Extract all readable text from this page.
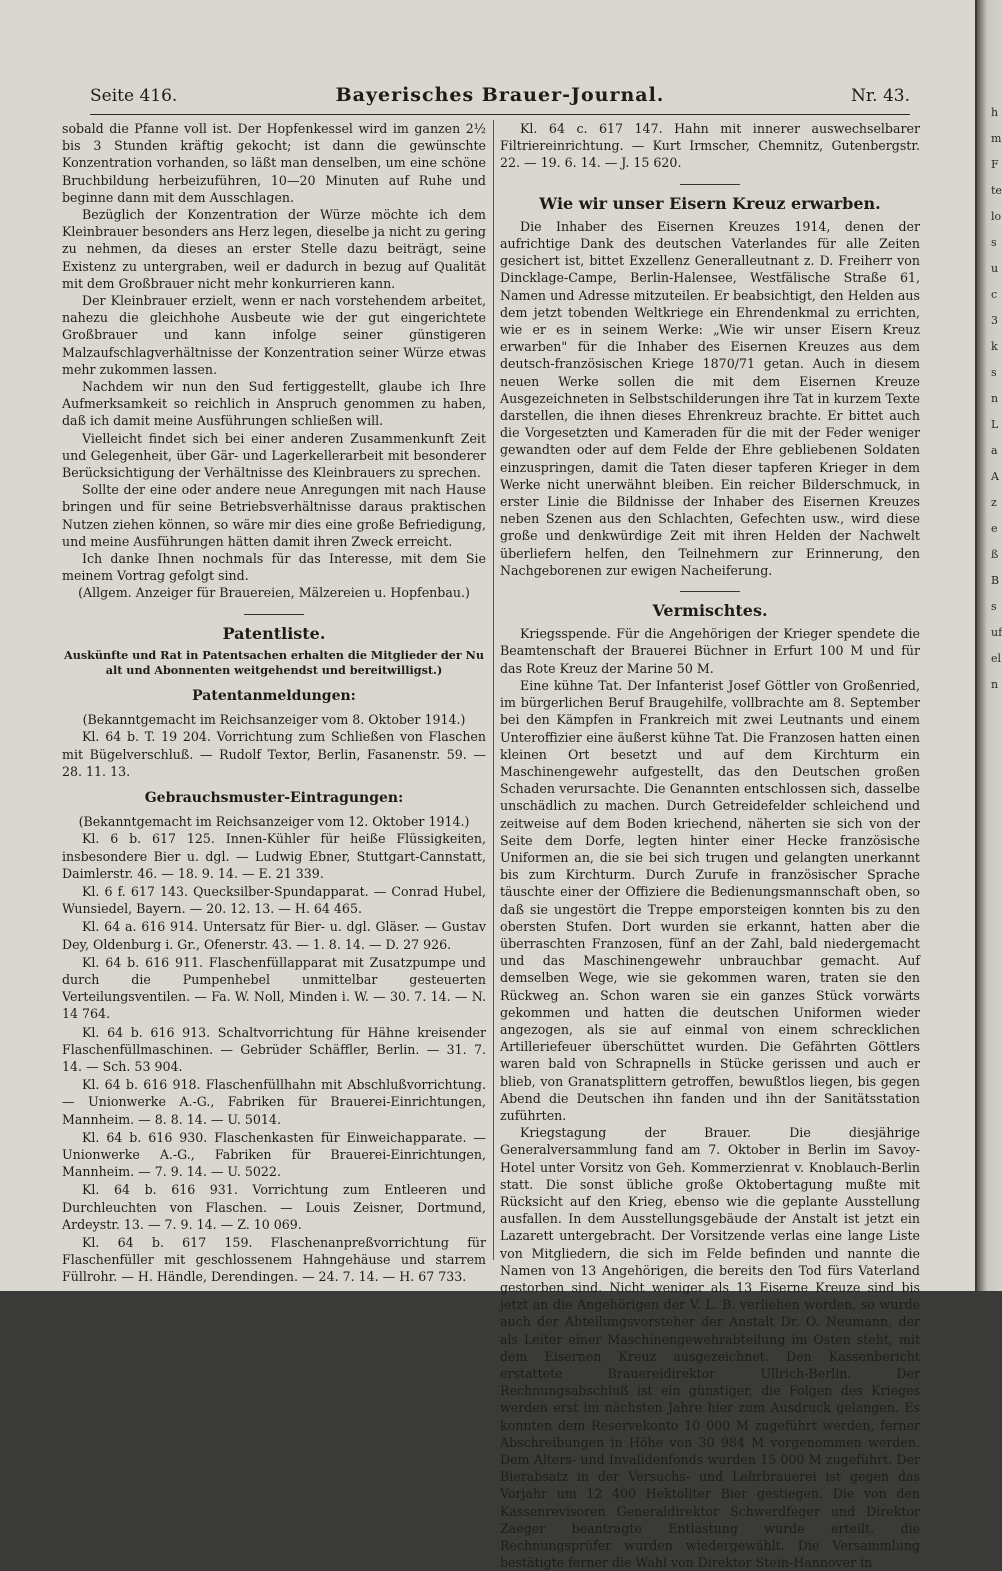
Seite 416.	Bayerisches Brauer-Journal.	Nr. 43.

sobald die Pfanne voll ist. Der Hopfenkessel wird im ganzen 2½ bis 3 Stunden kräftig gekocht; ist dann die gewünschte Konzentration vorhanden, so läßt man denselben, um eine schöne Bruchbildung herbeizuführen, 10—20 Minuten auf Ruhe und beginne dann mit dem Ausschlagen.

Bezüglich der Konzentration der Würze möchte ich dem Kleinbrauer besonders ans Herz legen, dieselbe ja nicht zu gering zu nehmen, da dieses an erster Stelle dazu beiträgt, seine Existenz zu untergraben, weil er dadurch in bezug auf Qualität mit dem Großbrauer nicht mehr konkurrieren kann.

Der Kleinbrauer erzielt, wenn er nach vorstehendem arbeitet, nahezu die gleichhohe Ausbeute wie der gut eingerichtete Großbrauer und kann infolge seiner günstigeren Malzaufschlagverhältnisse der Konzentration seiner Würze etwas mehr zukommen lassen.

Nachdem wir nun den Sud fertiggestellt, glaube ich Ihre Aufmerksamkeit so reichlich in Anspruch genommen zu haben, daß ich damit meine Ausführungen schließen will.

Vielleicht findet sich bei einer anderen Zusammenkunft Zeit und Gelegenheit, über Gär- und Lagerkellerarbeit mit besonderer Berücksichtigung der Verhältnisse des Kleinbrauers zu sprechen.

Sollte der eine oder andere neue Anregungen mit nach Hause bringen und für seine Betriebsverhältnisse daraus praktischen Nutzen ziehen können, so wäre mir dies eine große Befriedigung, und meine Ausführungen hätten damit ihren Zweck erreicht.

Ich danke Ihnen nochmals für das Interesse, mit dem Sie meinem Vortrag gefolgt sind.

(Allgem. Anzeiger für Brauereien, Mälzereien u. Hopfenbau.)

Patentliste.

Auskünfte und Rat in Patentsachen erhalten die Mitglieder der Nu alt und Abonnenten weitgehendst und bereitwilligst.)

Patentanmeldungen:

(Bekanntgemacht im Reichsanzeiger vom 8. Oktober 1914.)

Kl. 64 b. T. 19 204. Vorrichtung zum Schließen von Flaschen mit Bügelverschluß. — Rudolf Textor, Berlin, Fasanenstr. 59. — 28. 11. 13.

Gebrauchsmuster-Eintragungen:

(Bekanntgemacht im Reichsanzeiger vom 12. Oktober 1914.)

Kl. 6 b. 617 125. Innen-Kühler für heiße Flüssigkeiten, insbesondere Bier u. dgl. — Ludwig Ebner, Stuttgart-Cannstatt, Daimlerstr. 46. — 18. 9. 14. — E. 21 339.

Kl. 6 f. 617 143. Quecksilber-Spundapparat. — Conrad Hubel, Wunsiedel, Bayern. — 20. 12. 13. — H. 64 465.

Kl. 64 a. 616 914. Untersatz für Bier- u. dgl. Gläser. — Gustav Dey, Oldenburg i. Gr., Ofenerstr. 43. — 1. 8. 14. — D. 27 926.

Kl. 64 b. 616 911. Flaschenfüllapparat mit Zusatzpumpe und durch die Pumpenhebel unmittelbar gesteuerten Verteilungsventilen. — Fa. W. Noll, Minden i. W. — 30. 7. 14. — N. 14 764.

Kl. 64 b. 616 913. Schaltvorrichtung für Hähne kreisender Flaschenfüllmaschinen. — Gebrüder Schäffler, Berlin. — 31. 7. 14. — Sch. 53 904.

Kl. 64 b. 616 918. Flaschenfüllhahn mit Abschlußvorrichtung. — Unionwerke A.-G., Fabriken für Brauerei-Einrichtungen, Mannheim. — 8. 8. 14. — U. 5014.

Kl. 64 b. 616 930. Flaschenkasten für Einweichapparate. — Unionwerke A.-G., Fabriken für Brauerei-Einrichtungen, Mannheim. — 7. 9. 14. — U. 5022.

Kl. 64 b. 616 931. Vorrichtung zum Entleeren und Durchleuchten von Flaschen. — Louis Zeisner, Dortmund, Ardeystr. 13. — 7. 9. 14. — Z. 10 069.

Kl. 64 b. 617 159. Flaschenanpreßvorrichtung für Flaschenfüller mit geschlossenem Hahngehäuse und starrem Füllrohr. — H. Händle, Derendingen. — 24. 7. 14. — H. 67 733.

Kl. 64 c. 617 147. Hahn mit innerer auswechselbarer Filtriereinrichtung. — Kurt Irmscher, Chemnitz, Gutenbergstr. 22. — 19. 6. 14. — J. 15 620.

Wie wir unser Eisern Kreuz erwarben.

Die Inhaber des Eisernen Kreuzes 1914, denen der aufrichtige Dank des deutschen Vaterlandes für alle Zeiten gesichert ist, bittet Exzellenz Generalleutnant z. D. Freiherr von Dincklage-Campe, Berlin-Halensee, Westfälische Straße 61, Namen und Adresse mitzuteilen. Er beabsichtigt, den Helden aus dem jetzt tobenden Weltkriege ein Ehrendenkmal zu errichten, wie er es in seinem Werke: „Wie wir unser Eisern Kreuz erwarben" für die Inhaber des Eisernen Kreuzes aus dem deutsch-französischen Kriege 1870/71 getan. Auch in diesem neuen Werke sollen die mit dem Eisernen Kreuze Ausgezeichneten in Selbstschilderungen ihre Tat in kurzem Texte darstellen, die ihnen dieses Ehrenkreuz brachte. Er bittet auch die Vorgesetzten und Kameraden für die mit der Feder weniger gewandten oder auf dem Felde der Ehre gebliebenen Soldaten einzuspringen, damit die Taten dieser tapferen Krieger in dem Werke nicht unerwähnt bleiben. Ein reicher Bilderschmuck, in erster Linie die Bildnisse der Inhaber des Eisernen Kreuzes neben Szenen aus den Schlachten, Gefechten usw., wird diese große und denkwürdige Zeit mit ihren Helden der Nachwelt überliefern helfen, den Teilnehmern zur Erinnerung, den Nachgeborenen zur ewigen Nacheiferung.

Vermischtes.

Kriegsspende. Für die Angehörigen der Krieger spendete die Beamtenschaft der Brauerei Büchner in Erfurt 100 M und für das Rote Kreuz der Marine 50 M.

Eine kühne Tat. Der Infanterist Josef Göttler von Großenried, im bürgerlichen Beruf Braugehilfe, vollbrachte am 8. September bei den Kämpfen in Frankreich mit zwei Leutnants und einem Unteroffizier eine äußerst kühne Tat. Die Franzosen hatten einen kleinen Ort besetzt und auf dem Kirchturm ein Maschinengewehr aufgestellt, das den Deutschen großen Schaden verursachte. Die Genannten entschlossen sich, dasselbe unschädlich zu machen. Durch Getreidefelder schleichend und zeitweise auf dem Boden kriechend, näherten sie sich von der Seite dem Dorfe, legten hinter einer Hecke französische Uniformen an, die sie bei sich trugen und gelangten unerkannt bis zum Kirchturm. Durch Zurufe in französischer Sprache täuschte einer der Offiziere die Bedienungsmannschaft oben, so daß sie ungestört die Treppe emporsteigen konnten bis zu den obersten Stufen. Dort wurden sie erkannt, hatten aber die überraschten Franzosen, fünf an der Zahl, bald niedergemacht und das Maschinengewehr unbrauchbar gemacht. Auf demselben Wege, wie sie gekommen waren, traten sie den Rückweg an. Schon waren sie ein ganzes Stück vorwärts gekommen und hatten die deutschen Uniformen wieder angezogen, als sie auf einmal von einem schrecklichen Artilleriefeuer überschüttet wurden. Die Gefährten Göttlers waren bald von Schrapnells in Stücke gerissen und auch er blieb, von Granatsplittern getroffen, bewußtlos liegen, bis gegen Abend die Deutschen ihn fanden und ihn der Sanitätsstation zuführten.

Kriegstagung der Brauer. Die diesjährige Generalversammlung fand am 7. Oktober in Berlin im Savoy-Hotel unter Vorsitz von Geh. Kommerzienrat v. Knoblauch-Berlin statt. Die sonst übliche große Oktobertagung mußte mit Rücksicht auf den Krieg, ebenso wie die geplante Ausstellung ausfallen. In dem Ausstellungsgebäude der Anstalt ist jetzt ein Lazarett untergebracht. Der Vorsitzende verlas eine lange Liste von Mitgliedern, die sich im Felde befinden und nannte die Namen von 13 Angehörigen, die bereits den Tod fürs Vaterland gestorben sind. Nicht weniger als 13 Eiserne Kreuze sind bis jetzt an die Angehörigen der V. L. B. verliehen worden, so wurde auch der Abteilungsvorsteher der Anstalt Dr. O. Neumann, der als Leiter einer Maschinengewehrabteilung im Osten steht, mit dem Eisernen Kreuz ausgezeichnet. Den Kassenbericht erstattete Brauereidirektor Ullrich-Berlin. Der Rechnungsabschluß ist ein günstiger, die Folgen des Krieges werden erst im nächsten Jahre hier zum Ausdruck gelangen. Es konnten dem Reservekonto 10 000 M zugeführt werden, ferner Abschreibungen in Höhe von 30 984 M vorgenommen werden. Dem Alters- und Invalidenfonds wurden 15 000 M zugeführt. Der Bierabsatz in der Versuchs- und Lehrbrauerei ist gegen das Vorjahr um 12 400 Hektoliter Bier gestiegen. Die von den Kassenrevisoren Generaldirektor Schwerdfeger und Direktor Zaeger beantragte Entlastung wurde erteilt, die Rechnungsprüfer wurden wiedergewählt. Die Versammlung bestätigte ferner die Wahl von Direktor Stein-Hannover in

hmFtelosuc3ksnLaAzeßBsufeln
